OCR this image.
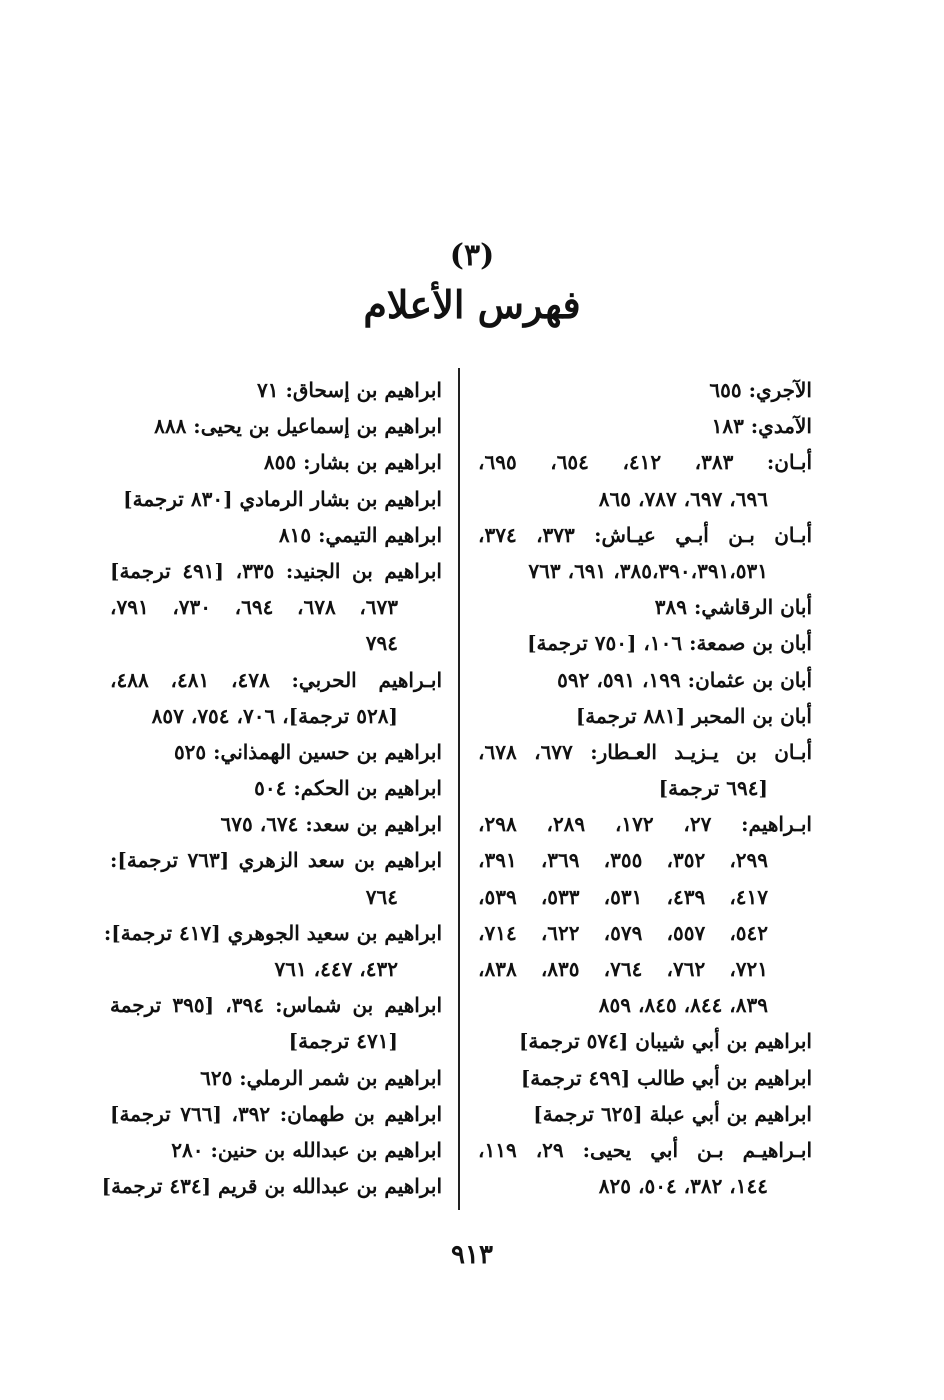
(٣)
فهرس الأعلام
الآجري: ٦٥٥
الآمدي: ١٨٣
أبـان: ٣٨٣، ٤١٢، ٦٥٤، ٦٩٥،
٦٩٦، ٦٩٧، ٧٨٧، ٨٦٥
أبـان بـن أبـي عيـاش: ٣٧٣، ٣٧٤،
٣٨٥،٣٩٠،٣٩١،٥٣١، ٦٩١، ٧٦٣
أبان الرقاشي: ٣٨٩
أبان بن صمعة: ١٠٦، [٧٥٠ ترجمة]
أبان بن عثمان: ١٩٩، ٥٩١، ٥٩٢
أبان بن المحبر [٨٨١ ترجمة]
أبـان بن يـزيـد العـطار: ٦٧٧، ٦٧٨،
[٦٩٤ ترجمة]
ابـراهيم: ٢٧، ١٧٢، ٢٨٩، ٢٩٨،
٢٩٩، ٣٥٢، ٣٥٥، ٣٦٩، ٣٩١،
٤١٧، ٤٣٩، ٥٣١، ٥٣٣، ٥٣٩،
٥٤٢، ٥٥٧، ٥٧٩، ٦٢٢، ٧١٤،
٧٢١، ٧٦٢، ٧٦٤، ٨٣٥، ٨٣٨،
٨٣٩، ٨٤٤، ٨٤٥، ٨٥٩
ابراهيم بن أبي شيبان [٥٧٤ ترجمة]
ابراهيم بن أبي طالب [٤٩٩ ترجمة]
ابراهيم بن أبي عبلة [٦٢٥ ترجمة]
ابـراهيـم بـن أبي يحيى: ٢٩، ١١٩،
١٤٤، ٣٨٢، ٥٠٤، ٨٢٥
ابراهيم بن إسحاق: ٧١
ابراهيم بن إسماعيل بن يحيى: ٨٨٨
ابراهيم بن بشار: ٨٥٥
ابراهيم بن بشار الرمادي [٨٣٠ ترجمة]
ابراهيم التيمي: ٨١٥
ابراهيم بن الجنيد: ٣٣٥، [٤٩١ ترجمة]
٦٧٣، ٦٧٨، ٦٩٤، ٧٣٠، ٧٩١،
٧٩٤
ابـراهيم الحربي: ٤٧٨، ٤٨١، ٤٨٨،
[٥٢٨ ترجمة]، ٧٠٦، ٧٥٤، ٨٥٧
ابراهيم بن حسين الهمذاني: ٥٢٥
ابراهيم بن الحكم: ٥٠٤
ابراهيم بن سعد: ٦٧٤، ٦٧٥
ابراهيم بن سعد الزهري [٧٦٣ ترجمة]:
٧٦٤
ابراهيم بن سعيد الجوهري [٤١٧ ترجمة]:
٤٣٢، ٤٤٧، ٧٦١
ابراهيم بن شماس: ٣٩٤، [٣٩٥ ترجمة
[٤٧١ ترجمة]
ابراهيم بن شمر الرملي: ٦٢٥
ابراهيم بن طهمان: ٣٩٢، [٧٦٦ ترجمة]
ابراهيم بن عبدالله بن حنين: ٢٨٠
ابراهيم بن عبدالله بن قريم [٤٣٤ ترجمة]
٩١٣
